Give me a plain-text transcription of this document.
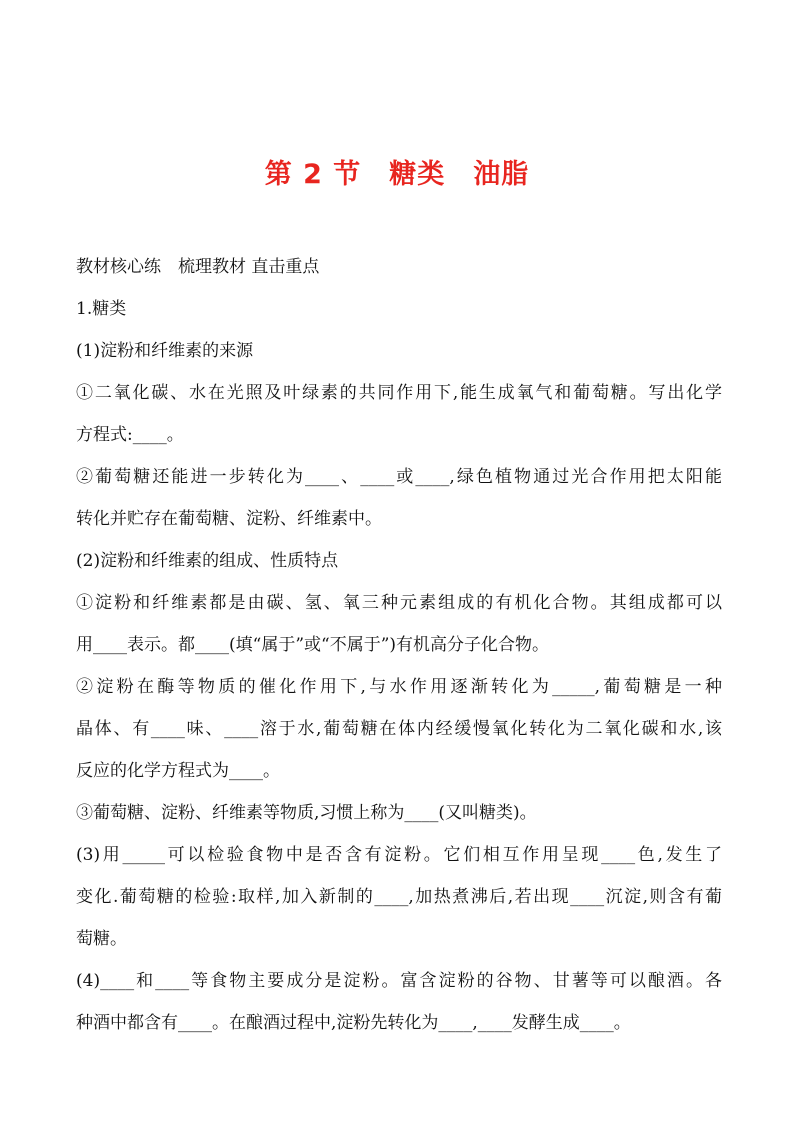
第 2 节　糖类　油脂
教材核心练　梳理教材 直击重点
1.糖类
(1)淀粉和纤维素的来源
①二氧化碳、水在光照及叶绿素的共同作用下,能生成氧气和葡萄糖。写出化学
方程式:____。
②葡萄糖还能进一步转化为____、____或____,绿色植物通过光合作用把太阳能
转化并贮存在葡萄糖、淀粉、纤维素中。
(2)淀粉和纤维素的组成、性质特点
①淀粉和纤维素都是由碳、氢、氧三种元素组成的有机化合物。其组成都可以
用____表示。都____(填“属于”或“不属于”)有机高分子化合物。
②淀粉在酶等物质的催化作用下,与水作用逐渐转化为_____,葡萄糖是一种
晶体、有____味、____溶于水,葡萄糖在体内经缓慢氧化转化为二氧化碳和水,该
反应的化学方程式为____。
③葡萄糖、淀粉、纤维素等物质,习惯上称为____(又叫糖类)。
(3)用_____可以检验食物中是否含有淀粉。它们相互作用呈现____色,发生了
变化.葡萄糖的检验:取样,加入新制的____,加热煮沸后,若出现____沉淀,则含有葡
萄糖。
(4)____和____等食物主要成分是淀粉。富含淀粉的谷物、甘薯等可以酿酒。各
种酒中都含有____。在酿酒过程中,淀粉先转化为____,____发酵生成____。
